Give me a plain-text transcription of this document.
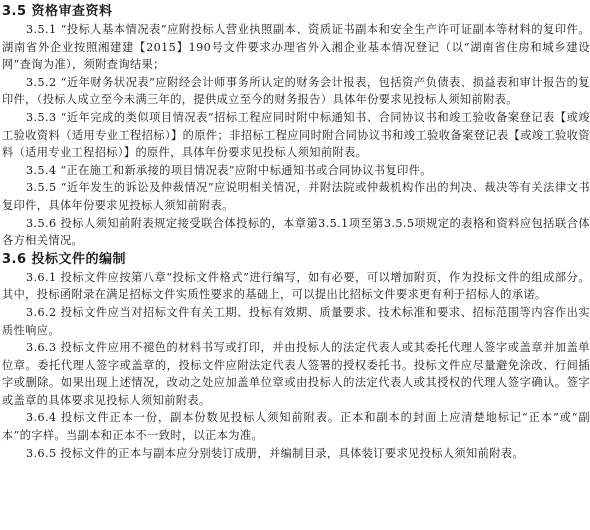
3.5 资格审查资料

3.5.1 “投标人基本情况表”应附投标人营业执照副本、资质证书副本和安全生产许可证副本等材料的复印件。湖南省外企业按照湘建建【2015】190号文件要求办理省外入湘企业基本情况登记（以“湖南省住房和城乡建设网”查询为准），须附查询结果；

3.5.2 “近年财务状况表”应附经会计师事务所认定的财务会计报表，包括资产负债表、损益表和审计报告的复印件，（投标人成立至今未满三年的，提供成立至今的财务报告）具体年份要求见投标人须知前附表。

3.5.3 “近年完成的类似项目情况表”招标工程应同时附中标通知书、合同协议书和竣工验收备案登记表【或竣工验收资料（适用专业工程招标）】的原件；非招标工程应同时附合同协议书和竣工验收备案登记表【或竣工验收资料（适用专业工程招标）】的原件，具体年份要求见投标人须知前附表。

3.5.4 “正在施工和新承接的项目情况表”应附中标通知书或合同协议书复印件。

3.5.5 “近年发生的诉讼及仲裁情况”应说明相关情况，并附法院或仲裁机构作出的判决、裁决等有关法律文书复印件，具体年份要求见投标人须知前附表。

3.5.6 投标人须知前附表规定接受联合体投标的，本章第3.5.1项至第3.5.5项规定的表格和资料应包括联合体各方相关情况。

3.6 投标文件的编制

3.6.1 投标文件应按第八章“投标文件格式”进行编写，如有必要，可以增加附页，作为投标文件的组成部分。其中，投标函附录在满足招标文件实质性要求的基础上，可以提出比招标文件要求更有利于招标人的承诺。

3.6.2 投标文件应当对招标文件有关工期、投标有效期、质量要求、技术标准和要求、招标范围等内容作出实质性响应。

3.6.3 投标文件应用不褪色的材料书写或打印，并由投标人的法定代表人或其委托代理人签字或盖章并加盖单位章。委托代理人签字或盖章的，投标文件应附法定代表人签署的授权委托书。投标文件应尽量避免涂改、行间插字或删除。如果出现上述情况，改动之处应加盖单位章或由投标人的法定代表人或其授权的代理人签字确认。签字或盖章的具体要求见投标人须知前附表。

3.6.4 投标文件正本一份，副本份数见投标人须知前附表。正本和副本的封面上应清楚地标记“正本”或“副本”的字样。当副本和正本不一致时，以正本为准。

3.6.5 投标文件的正本与副本应分别装订成册，并编制目录，具体装订要求见投标人须知前附表。
